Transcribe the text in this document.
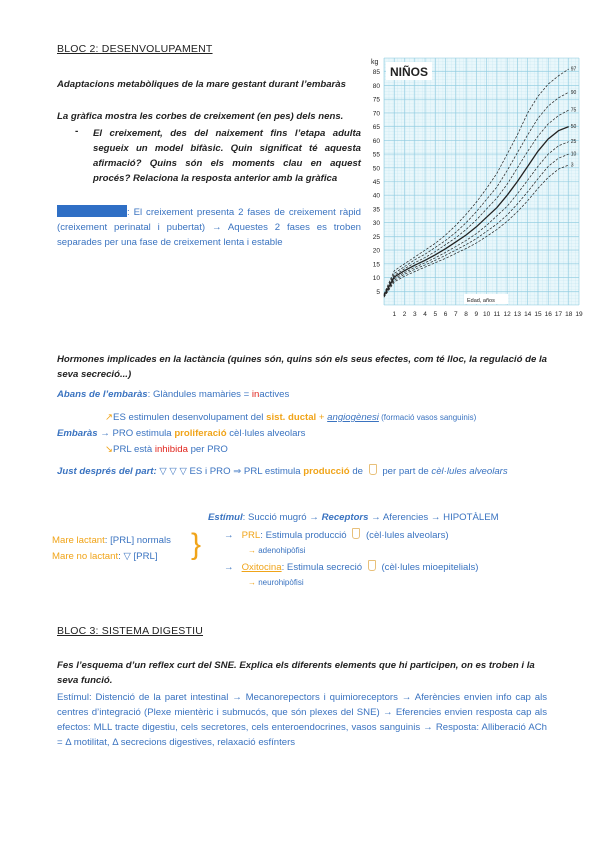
BLOC 2: DESENVOLUPAMENT
Adaptacions metabòliques de la mare gestant durant l’embaràs
La gràfica mostra les corbes de creixement (en pes) dels nens.
- El creixement, des del naixement fins l’etapa adulta segueix un model bifàsic. Quin significat té aquesta afirmació? Quins són els moments clau en aquest procés? Relaciona la resposta anterior amb la gràfica
: El creixement presenta 2 fases de creixement ràpid (creixement perinatal i pubertat) → Aquestes 2 fases es troben separades per una fase de creixement lenta i estable
NIÑOS
kg
Edad, años
5
10
15
20
25
30
35
40
45
50
55
60
65
70
75
80
85
1 2 3 4 5 6 7 8 9 10 11 12 13 14 15 16 17 18 19
97
90
75
50
25
10
3
Hormones implicades en la lactància (quines són, quins són els seus efectes, com té lloc, la regulació de la seva secreció...)
Abans de l’embaràs: Glàndules mamàries = inactives
↗ES estimulen desenvolupament del sist. ductal + angiogènesi (formació vasos sanguinis)
Embaràs → PRO estimula proliferació cèl·lules alveolars
↘PRL està inhibida per PRO
Just després del part: ▽ ▽ ▽ ES i PRO ⇒ PRL estimula producció de  per part de cèl·lules alveolars
Estímul: Succió mugró → Receptors → Aferencies → HIPOTÀLEM
Mare lactant: [PRL] normals
Mare no lactant: ▽ [PRL] } → PRL: Estimula producció  (cèl·lules alveolars)
→ adenohipòfisi
→ Oxitocina: Estimula secreció  (cèl·lules mioepitelials)
→ neurohipòfisi
BLOC 3: SISTEMA DIGESTIU
Fes l’esquema d’un reflex curt del SNE. Explica els diferents elements que hi participen, on es troben i la seva funció.
Estímul: Distenció de la paret intestinal → Mecanorepectors i quimioreceptors → Aferències envien info cap als centres d’integració (Plexe mientèric i submucós, que són plexes del SNE) → Eferencies envien resposta cap als efectos: MLL tracte digestiu, cels secretores, cels enteroendocrines, vasos sanguinis → Resposta: Alliberació ACh = Δ motilitat, Δ secrecions digestives, relaxació esfínters
